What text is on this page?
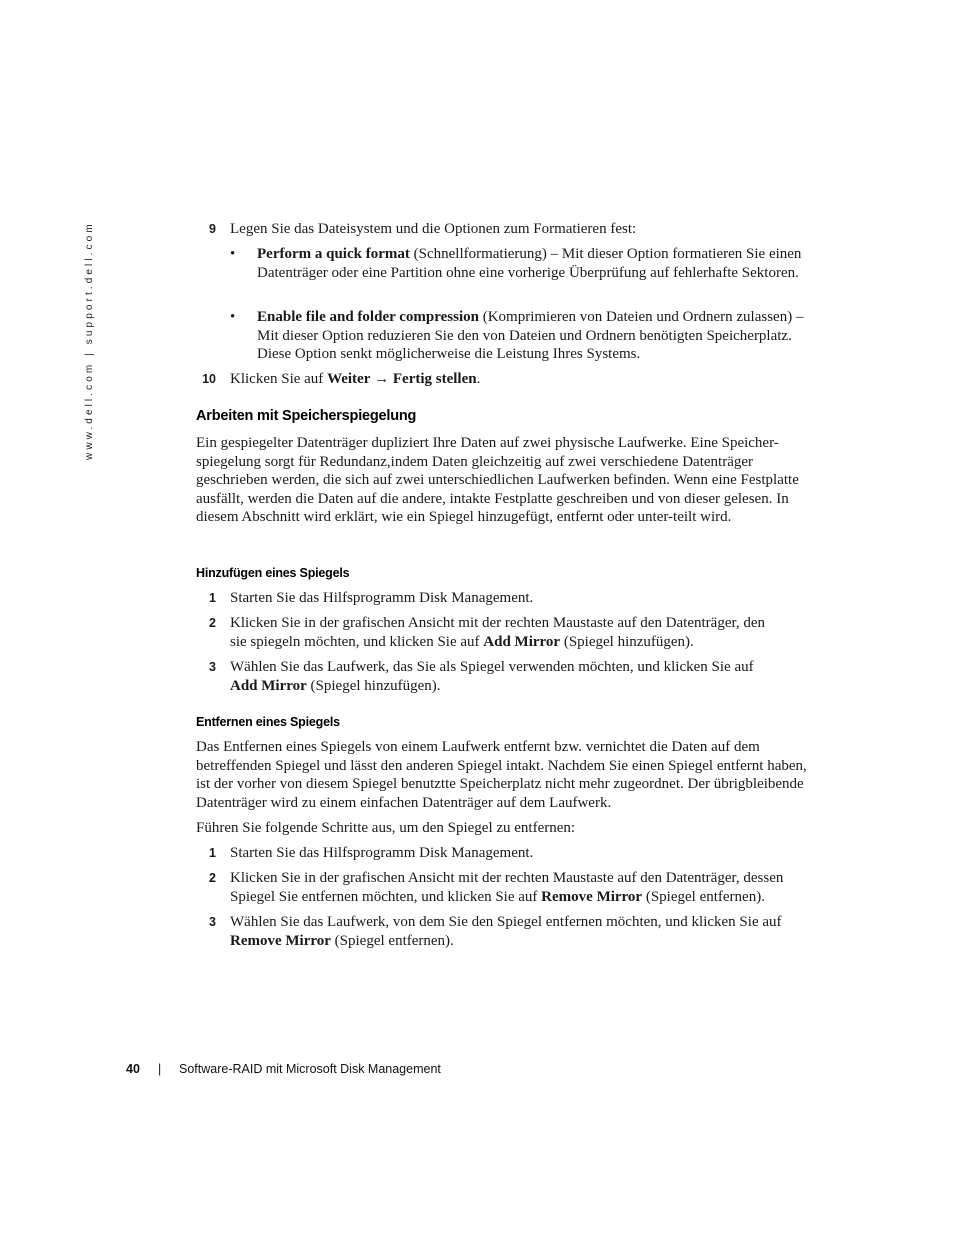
www.dell.com | support.dell.com	9 Legen Sie das Dateisystem und die Optionen zum Formatieren fest:
• Perform a quick format (Schnellformatierung) – Mit dieser Option formatieren Sie einen Datenträger oder eine Partition ohne eine vorherige Überprüfung auf fehlerhafte Sektoren.
• Enable file and folder compression (Komprimieren von Dateien und Ordnern zulassen) – Mit dieser Option reduzieren Sie den von Dateien und Ordnern benötigten Speicherplatz. Diese Option senkt möglicherweise die Leistung Ihres Systems.
10 Klicken Sie auf Weiter → Fertig stellen.
Arbeiten mit Speicherspiegelung
Ein gespiegelter Datenträger dupliziert Ihre Daten auf zwei physische Laufwerke. Eine Speicher-spiegelung sorgt für Redundanz,indem Daten gleichzeitig auf zwei verschiedene Datenträger geschrieben werden, die sich auf zwei unterschiedlichen Laufwerken befinden. Wenn eine Festplatte ausfällt, werden die Daten auf die andere, intakte Festplatte geschreiben und von dieser gelesen. In diesem Abschnitt wird erklärt, wie ein Spiegel hinzugefügt, entfernt oder unter-teilt wird.
Hinzufügen eines Spiegels
1 Starten Sie das Hilfsprogramm Disk Management.
2 Klicken Sie in der grafischen Ansicht mit der rechten Maustaste auf den Datenträger, den sie spiegeln möchten, und klicken Sie auf Add Mirror (Spiegel hinzufügen).
3 Wählen Sie das Laufwerk, das Sie als Spiegel verwenden möchten, und klicken Sie auf Add Mirror (Spiegel hinzufügen).
Entfernen eines Spiegels
Das Entfernen eines Spiegels von einem Laufwerk entfernt bzw. vernichtet die Daten auf dem betreffenden Spiegel und lässt den anderen Spiegel intakt. Nachdem Sie einen Spiegel entfernt haben, ist der vorher von diesem Spiegel benutztte Speicherplatz nicht mehr zugeordnet. Der übrigbleibende Datenträger wird zu einem einfachen Datenträger auf dem Laufwerk.
Führen Sie folgende Schritte aus, um den Spiegel zu entfernen:
1 Starten Sie das Hilfsprogramm Disk Management.
2 Klicken Sie in der grafischen Ansicht mit der rechten Maustaste auf den Datenträger, dessen Spiegel Sie entfernen möchten, und klicken Sie auf Remove Mirror (Spiegel entfernen).
3 Wählen Sie das Laufwerk, von dem Sie den Spiegel entfernen möchten, und klicken Sie auf Remove Mirror (Spiegel entfernen).
40 | Software-RAID mit Microsoft Disk Management
